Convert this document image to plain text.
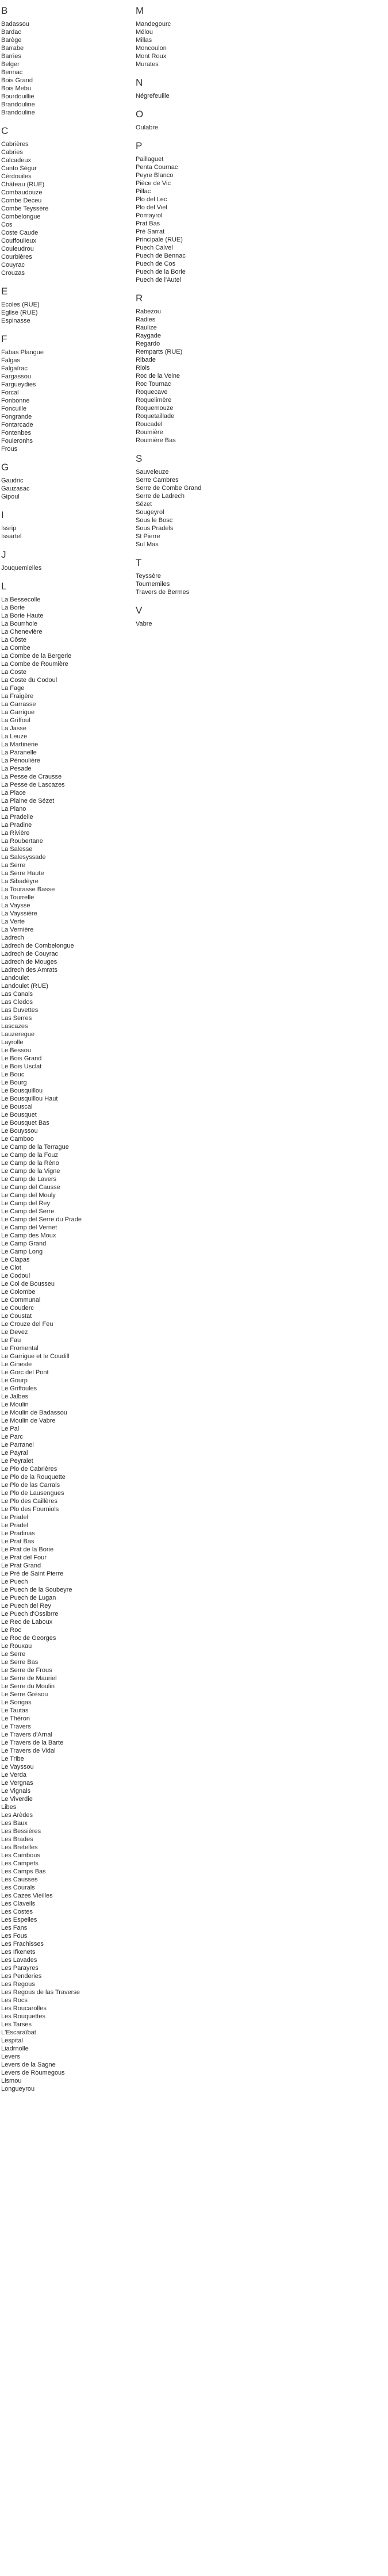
B
Badassou
Bardac
Barège
Barrabe
Barries
Belger
Bennac
Bois Grand
Bois Mebu
Bourdouillie
Brandouline
Brandouline
C
Cabrières
Cabries
Calcadeux
Canto Ségur
Cérdouiles
Château (RUE)
Combaudouze
Combe Deceu
Combe Teyssère
Combelongue
Cos
Coste Caude
Couffoulieux
Couleudrou
Courbières
Couyrac
Crouzas
E
Ecoles (RUE)
Eglise (RUE)
Espinasse
F
Fabas Plangue
Falgas
Falgaïrac
Fargassou
Fargueydies
Forcal
Fonbonne
Foncuille
Fongrande
Fontarcade
Fontenbes
Fouleronhs
Frous
G
Gaudric
Gauzasac
Gipoul
I
Issrip
Issartel
J
Jouquemielles
L
La Bessecolle
La Borie
La Borie Haute
La Bourrhole
La Chenevière
La Côste
La Combe
La Combe de la Bergerie
La Combe de Roumière
La Coste
La Coste du Codoul
La Fage
La Fraigère
La Garrasse
La Garrigue
La Griffoul
La Jasse
La Leuze
La Martinerie
La Paranelle
La Pénoulière
La Pesade
La Pesse de Crausse
La Pesse de Lascazes
La Place
La Plaine de Sézet
La Plano
La Pradelle
La Pradine
La Rivière
La Roubertane
La Salesse
La Salesyssade
La Serre
La Serre Haute
La Sibadèyre
La Tourasse Basse
La Tourrelle
La Vaysse
La Vayssière
La Verte
La Vernière
Ladrech
Ladrech de Combelongue
Ladrech de Couyrac
Ladrech de Mouges
Ladrech des Amrats
Landoulet
Landoulet (RUE)
Las Canals
Las Cledos
Las Duvettes
Las Serres
Lascazes
Lauzeregue
Layrolle
Le Bessou
Le Bois Grand
Le Bois Usclat
Le Bouc
Le Bourg
Le Bousquillou
Le Bousquillou Haut
Le Bouscal
Le Bousquet
Le Bousquet Bas
Le Bouyssou
Le Camboo
Le Camp de la Terrague
Le Camp de la Fouz
Le Camp de la Réno
Le Camp de la Vigne
Le Camp de Lavers
Le Camp del Causse
Le Camp del Mouly
Le Camp del Rey
Le Camp del Serre
Le Camp del Serre du Prade
Le Camp del Vernet
Le Camp des Moux
Le Camp Grand
Le Camp Long
Le Clapas
Le Clot
Le Codoul
Le Col de Bousseu
Le Colombe
Le Communal
Le Couderc
Le Coustat
Le Crouze del Feu
Le Devez
Le Fau
Le Fromental
Le Garrigue et le Coudill
Le Gineste
Le Gorc del Pont
Le Gourp
Le Griffoules
Le Jalbes
Le Moulin
Le Moulin de Badassou
Le Moulin de Vabre
Le Pal
Le Parc
Le Parranel
Le Payral
Le Peyralet
Le Plo de Cabrières
Le Plo de la Rouquette
Le Plo de las Carrals
Le Plo de Lausengues
Le Plo des Caillères
Le Plo des Fourniols
Le Pradel
Le Pradel
Le Pradinas
Le Prat Bas
Le Prat de la Borie
Le Prat del Four
Le Prat Grand
Le Pré de Saint Pierre
Le Puech
Le Puech de la Soubeyre
Le Puech de Lugan
Le Puech del Rey
Le Puech d'Ossibrre
Le Rec de Laboux
Le Roc
Le Roc de Georges
Le Rouxau
Le Serre
Le Serre Bas
Le Serre de Frous
Le Serre de Mauriel
Le Serre du Moulin
Le Serre Grèsou
Le Songas
Le Tautas
Le Théron
Le Travers
Le Travers d'Arnal
Le Travers de la Barte
Le Travers de Vidal
Le Tribe
Le Vayssou
Le Verda
Le Vergnas
Le Vignals
Le Viverdie
Libes
Les Arèdes
Les Baux
Les Bessières
Les Brades
Les Bretelles
Les Cambous
Les Campets
Les Camps Bas
Les Causses
Les Courals
Les Cazes Vieilles
Les Claveils
Les Costes
Les Espeiles
Les Fans
Les Fous
Les Frachisses
Les Ifkenets
Les Lavades
Les Parayres
Les Penderies
Les Regous
Les Regous de las Traverse
Les Rocs
Les Roucarolles
Les Rouquettes
Les Tarses
L'Escaraïbat
Lespital
Liadrnolle
Levers
Levers de la Sagne
Levers de Roumegous
Lismou
Longueyrou
M
Mandegourc
Mélou
Millas
Moncoulon
Mont Roux
Murates
N
Négrefeuille
O
Oulabre
P
Paillaguet
Penta Cournac
Peyre Blanco
Pièce de Vic
Pillac
Plo del Lec
Plo del Viel
Pomayrol
Prat Bas
Pré Sarrat
Principale (RUE)
Puech Calvel
Puech de Bennac
Puech de Cos
Puech de la Borie
Puech de l'Autel
R
Rabezou
Radies
Raulize
Raygade
Regardo
Remparts (RUE)
Ribade
Riols
Roc de la Veine
Roc Tournac
Roquecave
Roquelimère
Roquemouze
Roquetaillade
Roucadel
Roumière
Roumière Bas
S
Sauveleuze
Serre Cambres
Serre de Combe Grand
Serre de Ladrech
Sézet
Sougeyrol
Sous le Bosc
Sous Pradels
St Pierre
Sul Mas
T
Teyssère
Tournemiles
Travers de Bermes
V
Vabre
